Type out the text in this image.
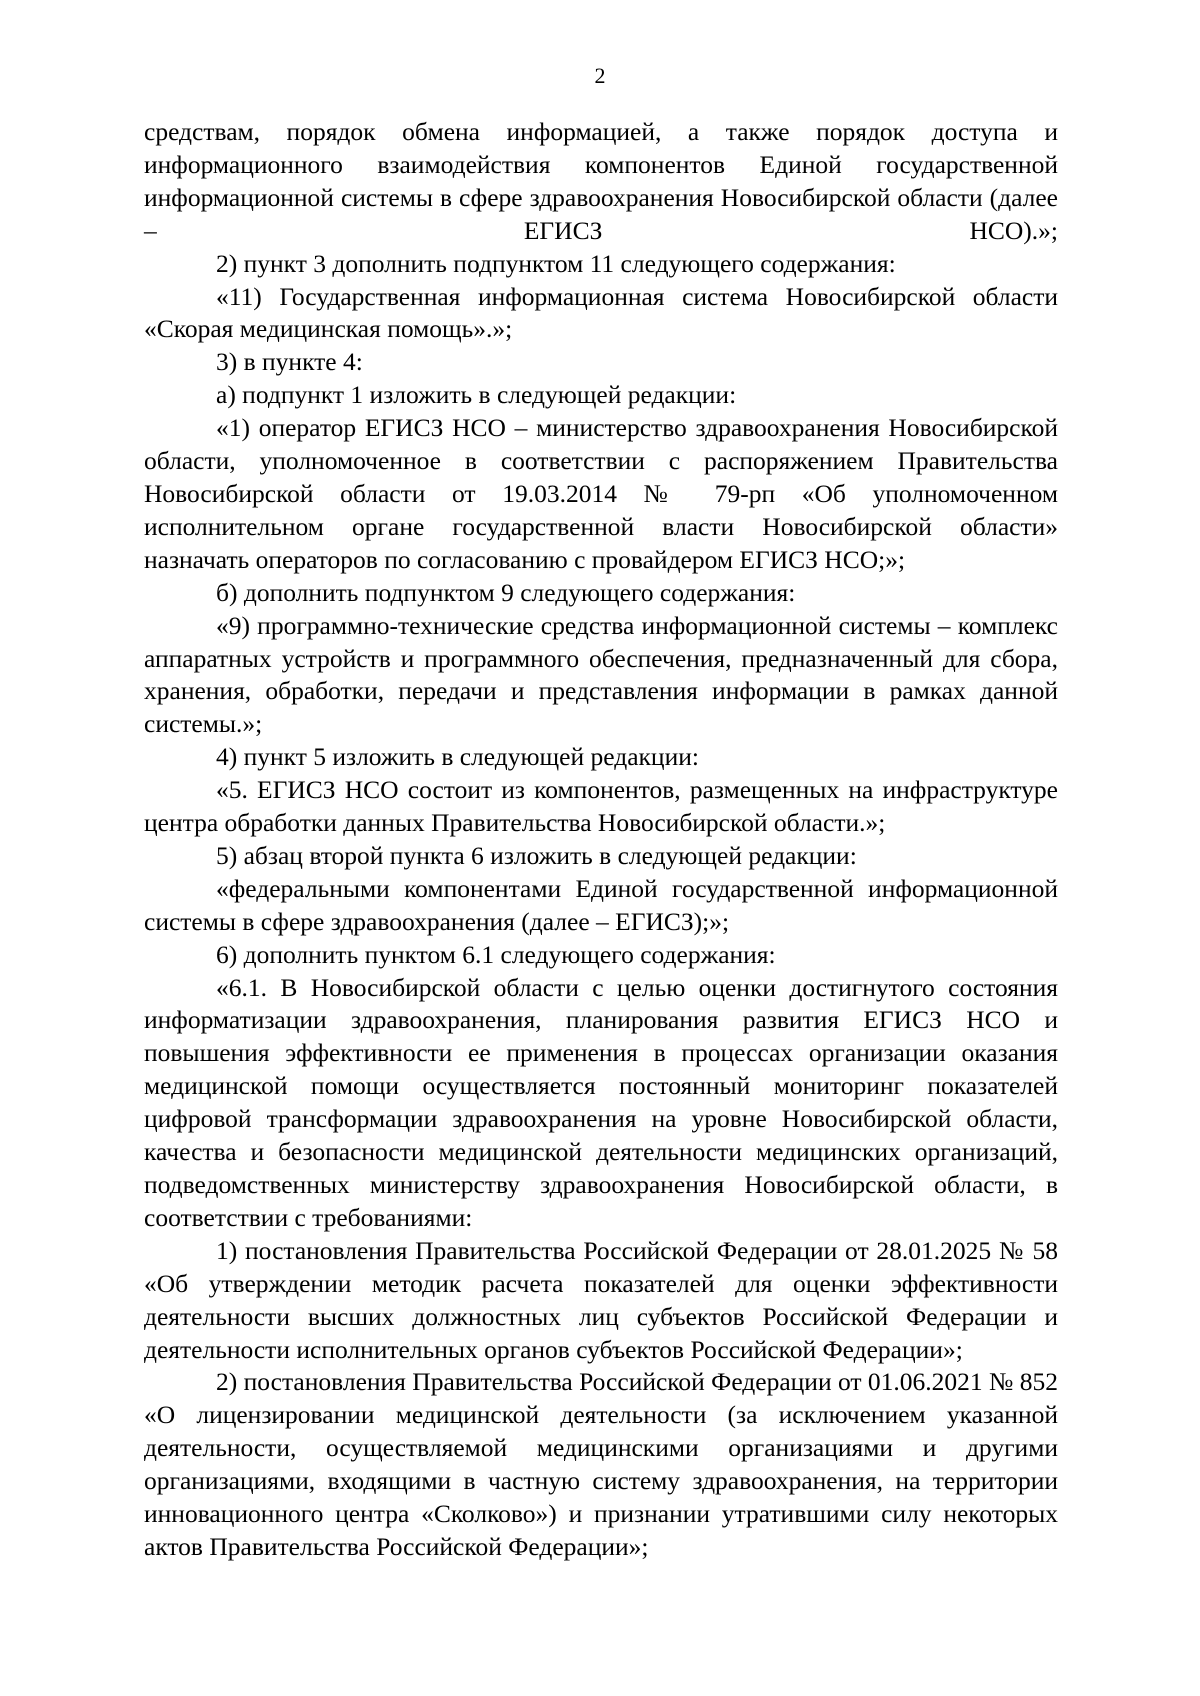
2

средствам, порядок обмена информацией, а также порядок доступа и информационного взаимодействия компонентов Единой государственной информационной системы в сфере здравоохранения Новосибирской области (далее – ЕГИСЗ НСО).»;

2) пункт 3 дополнить подпунктом 11 следующего содержания:

«11) Государственная информационная система Новосибирской области «Скорая медицинская помощь».»;

3) в пункте 4:

а) подпункт 1 изложить в следующей редакции:

«1) оператор ЕГИСЗ НСО – министерство здравоохранения Новосибирской области, уполномоченное в соответствии с распоряжением Правительства Новосибирской области от 19.03.2014 № 79-рп «Об уполномоченном исполнительном органе государственной власти Новосибирской области» назначать операторов по согласованию с провайдером ЕГИСЗ НСО;»;

б) дополнить подпунктом 9 следующего содержания:

«9) программно-технические средства информационной системы – комплекс аппаратных устройств и программного обеспечения, предназначенный для сбора, хранения, обработки, передачи и представления информации в рамках данной системы.»;

4) пункт 5 изложить в следующей редакции:

«5. ЕГИСЗ НСО состоит из компонентов, размещенных на инфраструктуре центра обработки данных Правительства Новосибирской области.»;

5) абзац второй пункта 6 изложить в следующей редакции:

«федеральными компонентами Единой государственной информационной системы в сфере здравоохранения (далее – ЕГИСЗ);»;

6) дополнить пунктом 6.1 следующего содержания:

«6.1. В Новосибирской области с целью оценки достигнутого состояния информатизации здравоохранения, планирования развития ЕГИСЗ НСО и повышения эффективности ее применения в процессах организации оказания медицинской помощи осуществляется постоянный мониторинг показателей цифровой трансформации здравоохранения на уровне Новосибирской области, качества и безопасности медицинской деятельности медицинских организаций, подведомственных министерству здравоохранения Новосибирской области, в соответствии с требованиями:

1) постановления Правительства Российской Федерации от 28.01.2025 № 58 «Об утверждении методик расчета показателей для оценки эффективности деятельности высших должностных лиц субъектов Российской Федерации и деятельности исполнительных органов субъектов Российской Федерации»;

2) постановления Правительства Российской Федерации от 01.06.2021 № 852 «О лицензировании медицинской деятельности (за исключением указанной деятельности, осуществляемой медицинскими организациями и другими организациями, входящими в частную систему здравоохранения, на территории инновационного центра «Сколково») и признании утратившими силу некоторых актов Правительства Российской Федерации»;
